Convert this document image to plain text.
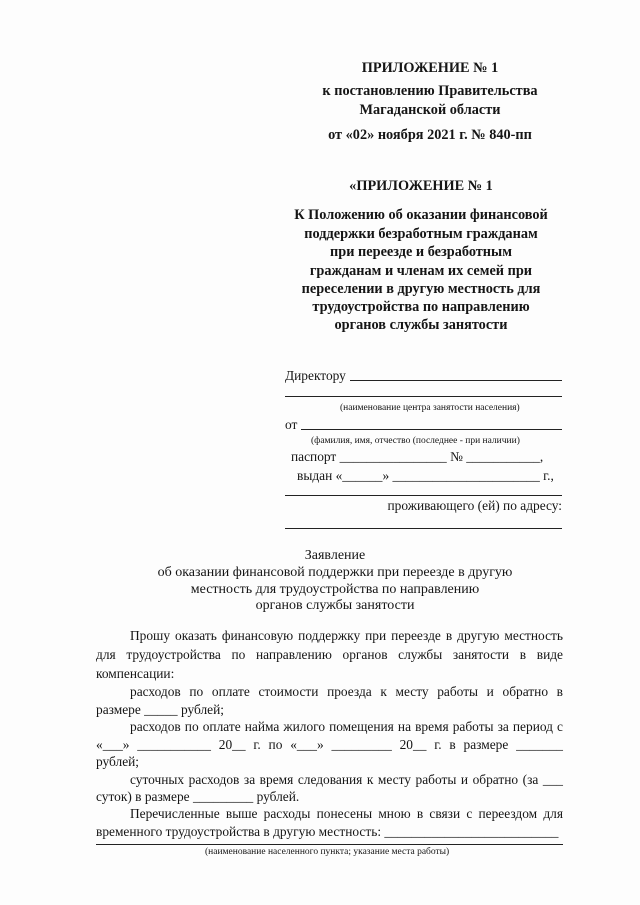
ПРИЛОЖЕНИЕ № 1
к постановлению Правительства
Магаданской области
от «02» ноября 2021 г. № 840-пп
«ПРИЛОЖЕНИЕ № 1
К Положению об оказании финансовой
поддержки безработным гражданам
при переезде и безработным
гражданам и членам их семей при
переселении в другую местность для
трудоустройства по направлению
органов службы занятости
Директору
(наименование центра занятости населения)
от
(фамилия, имя, отчество (последнее - при наличии)
паспорт ________________ № ___________,
выдан «______» ______________________ г.,
проживающего (ей) по адресу:
Заявление
об оказании финансовой поддержки при переезде в другую
местность для трудоустройства по направлению
органов службы занятости
Прошу оказать финансовую поддержку при переезде в другую местность
для трудоустройства по направлению органов службы занятости в виде
компенсации:
расходов по оплате стоимости проезда к месту работы и обратно в
размере _____ рублей;
расходов по оплате найма жилого помещения на время работы за период с
«___» ___________ 20__ г. по «___» _________ 20__ г. в размере _______
рублей;
суточных расходов за время следования к месту работы и обратно (за ___
суток) в размере _________ рублей.
Перечисленные выше расходы понесены мною в связи с переездом для
временного трудоустройства в другую местность: __________________________
(наименование населенного пункта; указание места работы)
